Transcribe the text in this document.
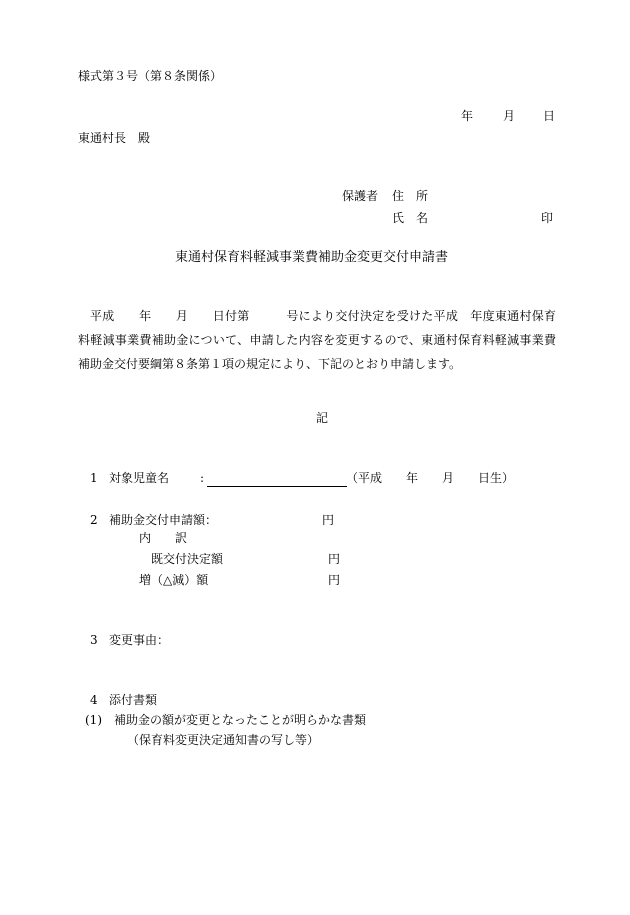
様式第３号（第８条関係）

年 月 日

東通村長　殿

保護者 住　所

氏　名	印

東通村保育料軽減事業費補助金変更交付申請書

平成　　年　　月　　日付第　　　号により交付決定を受けた平成　年度東通村保育料軽減事業費補助金について、申請した内容を変更するので、東通村保育料軽減事業費補助金交付要綱第８条第１項の規定により、下記のとおり申請します。

記

1 対象児童名	:	（平成　　年　　月　　日生）

2 補助金交付申請額：	円

内　　訳

既交付決定額	円

増（△減）額	円

3 変更事由：

4 添付書類

(1)　補助金の額が変更となったことが明らかな書類

（保育料変更決定通知書の写し等）
